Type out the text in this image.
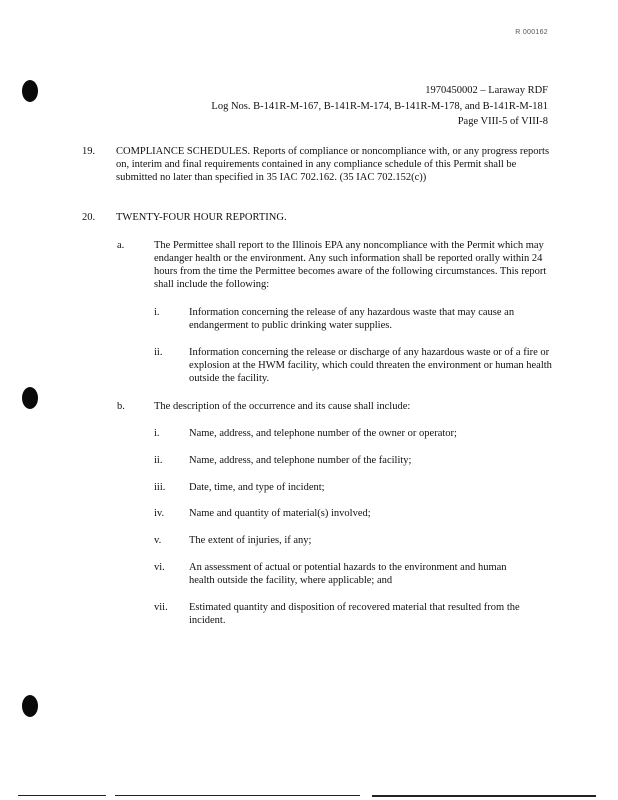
R 000162
1970450002 – Laraway RDF
Log Nos. B-141R-M-167, B-141R-M-174, B-141R-M-178, and B-141R-M-181
Page VIII-5 of VIII-8
19.	COMPLIANCE SCHEDULES. Reports of compliance or noncompliance with, or any progress reports on, interim and final requirements contained in any compliance schedule of this Permit shall be submitted no later than specified in 35 IAC 702.162. (35 IAC 702.152(c))
20.	TWENTY-FOUR HOUR REPORTING.
a.	The Permittee shall report to the Illinois EPA any noncompliance with the Permit which may endanger health or the environment. Any such information shall be reported orally within 24 hours from the time the Permittee becomes aware of the following circumstances. This report shall include the following:
i.	Information concerning the release of any hazardous waste that may cause an endangerment to public drinking water supplies.
ii.	Information concerning the release or discharge of any hazardous waste or of a fire or explosion at the HWM facility, which could threaten the environment or human health outside the facility.
b.	The description of the occurrence and its cause shall include:
i.	Name, address, and telephone number of the owner or operator;
ii.	Name, address, and telephone number of the facility;
iii. Date, time, and type of incident;
iv. Name and quantity of material(s) involved;
v.	The extent of injuries, if any;
vi. An assessment of actual or potential hazards to the environment and human health outside the facility, where applicable; and
vii. Estimated quantity and disposition of recovered material that resulted from the incident.
